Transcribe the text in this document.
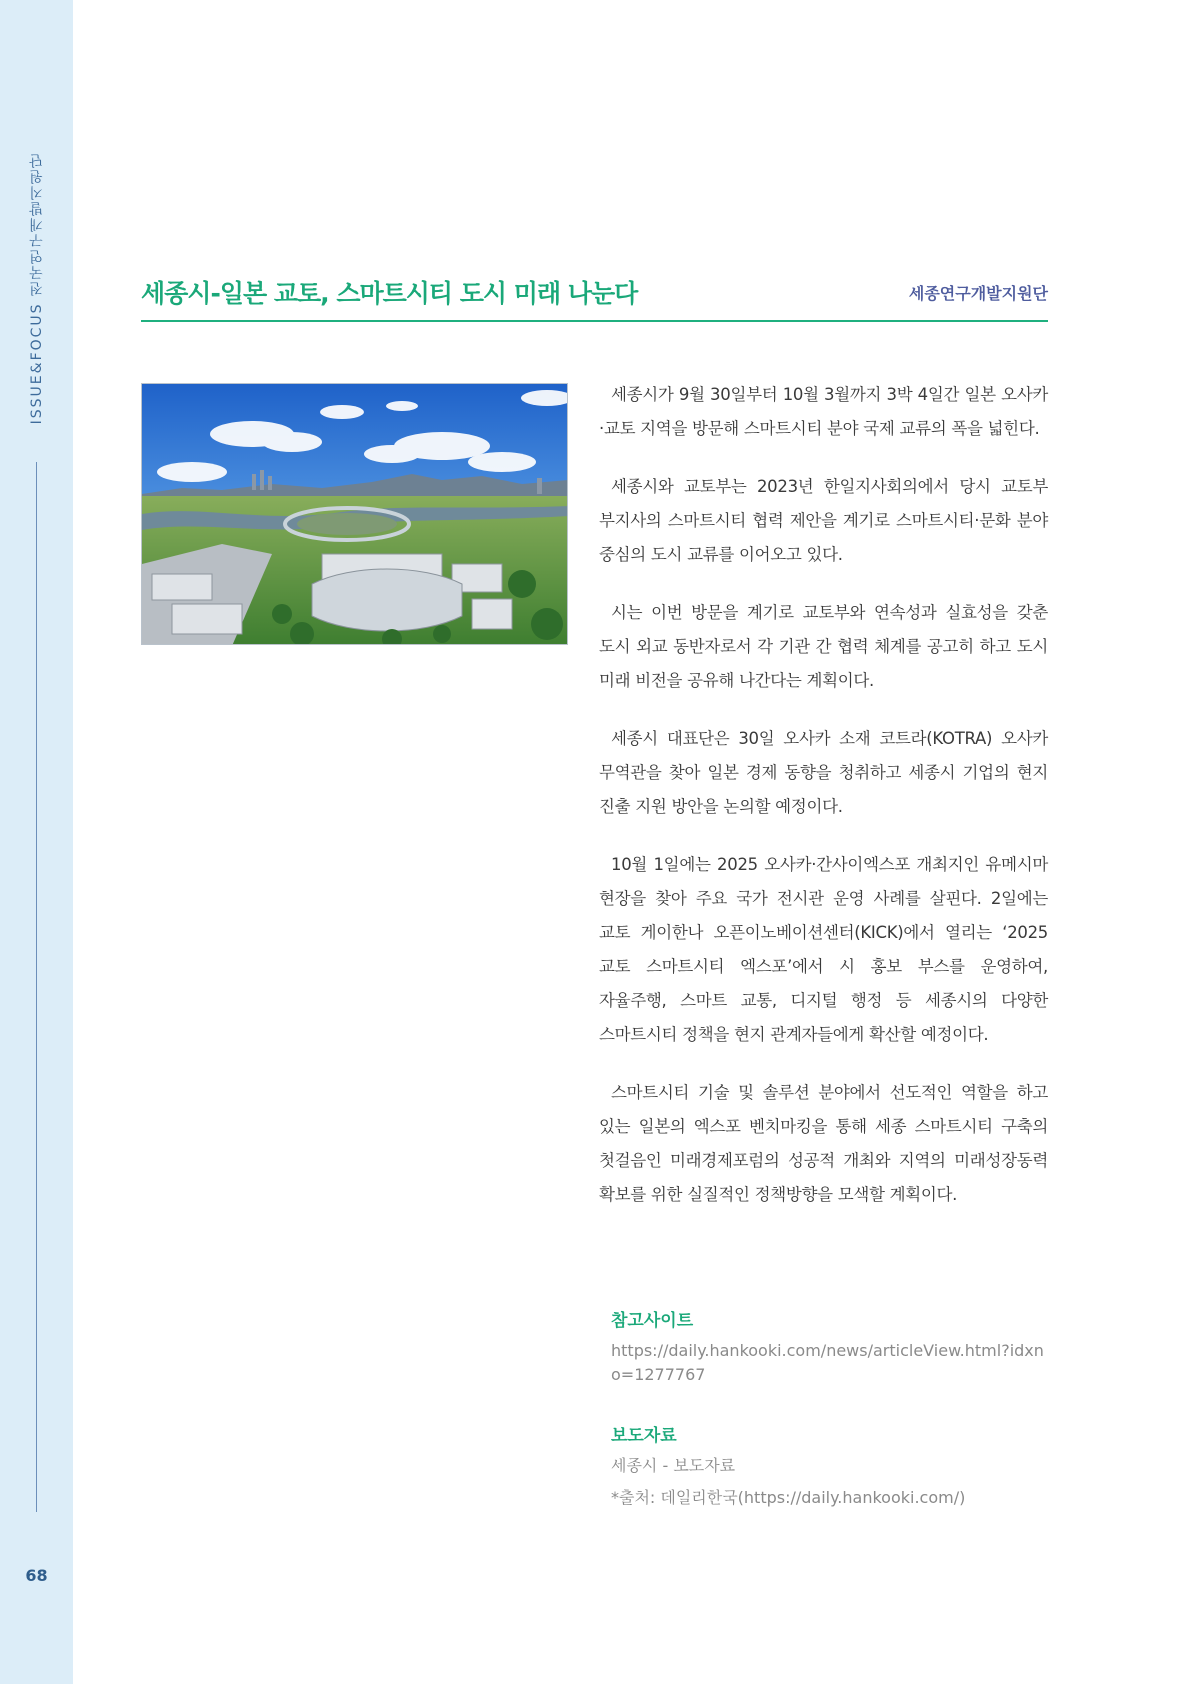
ISSUE&FOCUS 전국연구개발지원단
68
세종시-일본 교토, 스마트시티 도시 미래 나눈다	세종연구개발지원단

세종시가 9월 30일부터 10월 3월까지 3박 4일간 일본 오사카·교토 지역을 방문해 스마트시티 분야 국제 교류의 폭을 넓힌다.

세종시와 교토부는 2023년 한일지사회의에서 당시 교토부 부지사의 스마트시티 협력 제안을 계기로 스마트시티·문화 분야 중심의 도시 교류를 이어오고 있다.

시는 이번 방문을 계기로 교토부와 연속성과 실효성을 갖춘 도시 외교 동반자로서 각 기관 간 협력 체계를 공고히 하고 도시 미래 비전을 공유해 나간다는 계획이다.

세종시 대표단은 30일 오사카 소재 코트라(KOTRA) 오사카 무역관을 찾아 일본 경제 동향을 청취하고 세종시 기업의 현지 진출 지원 방안을 논의할 예정이다.

10월 1일에는 2025 오사카·간사이엑스포 개최지인 유메시마 현장을 찾아 주요 국가 전시관 운영 사례를 살핀다. 2일에는 교토 게이한나 오픈이노베이션센터(KICK)에서 열리는 ‘2025 교토 스마트시티 엑스포’에서 시 홍보 부스를 운영하여, 자율주행, 스마트 교통, 디지털 행정 등 세종시의 다양한 스마트시티 정책을 현지 관계자들에게 확산할 예정이다.

스마트시티 기술 및 솔루션 분야에서 선도적인 역할을 하고 있는 일본의 엑스포 벤치마킹을 통해 세종 스마트시티 구축의 첫걸음인 미래경제포럼의 성공적 개최와 지역의 미래성장동력 확보를 위한 실질적인 정책방향을 모색할 계획이다.

참고사이트

https://daily.hankooki.com/news/articleView.html?idxno=1277767

보도자료

세종시 - 보도자료

*출처: 데일리한국(https://daily.hankooki.com/)
